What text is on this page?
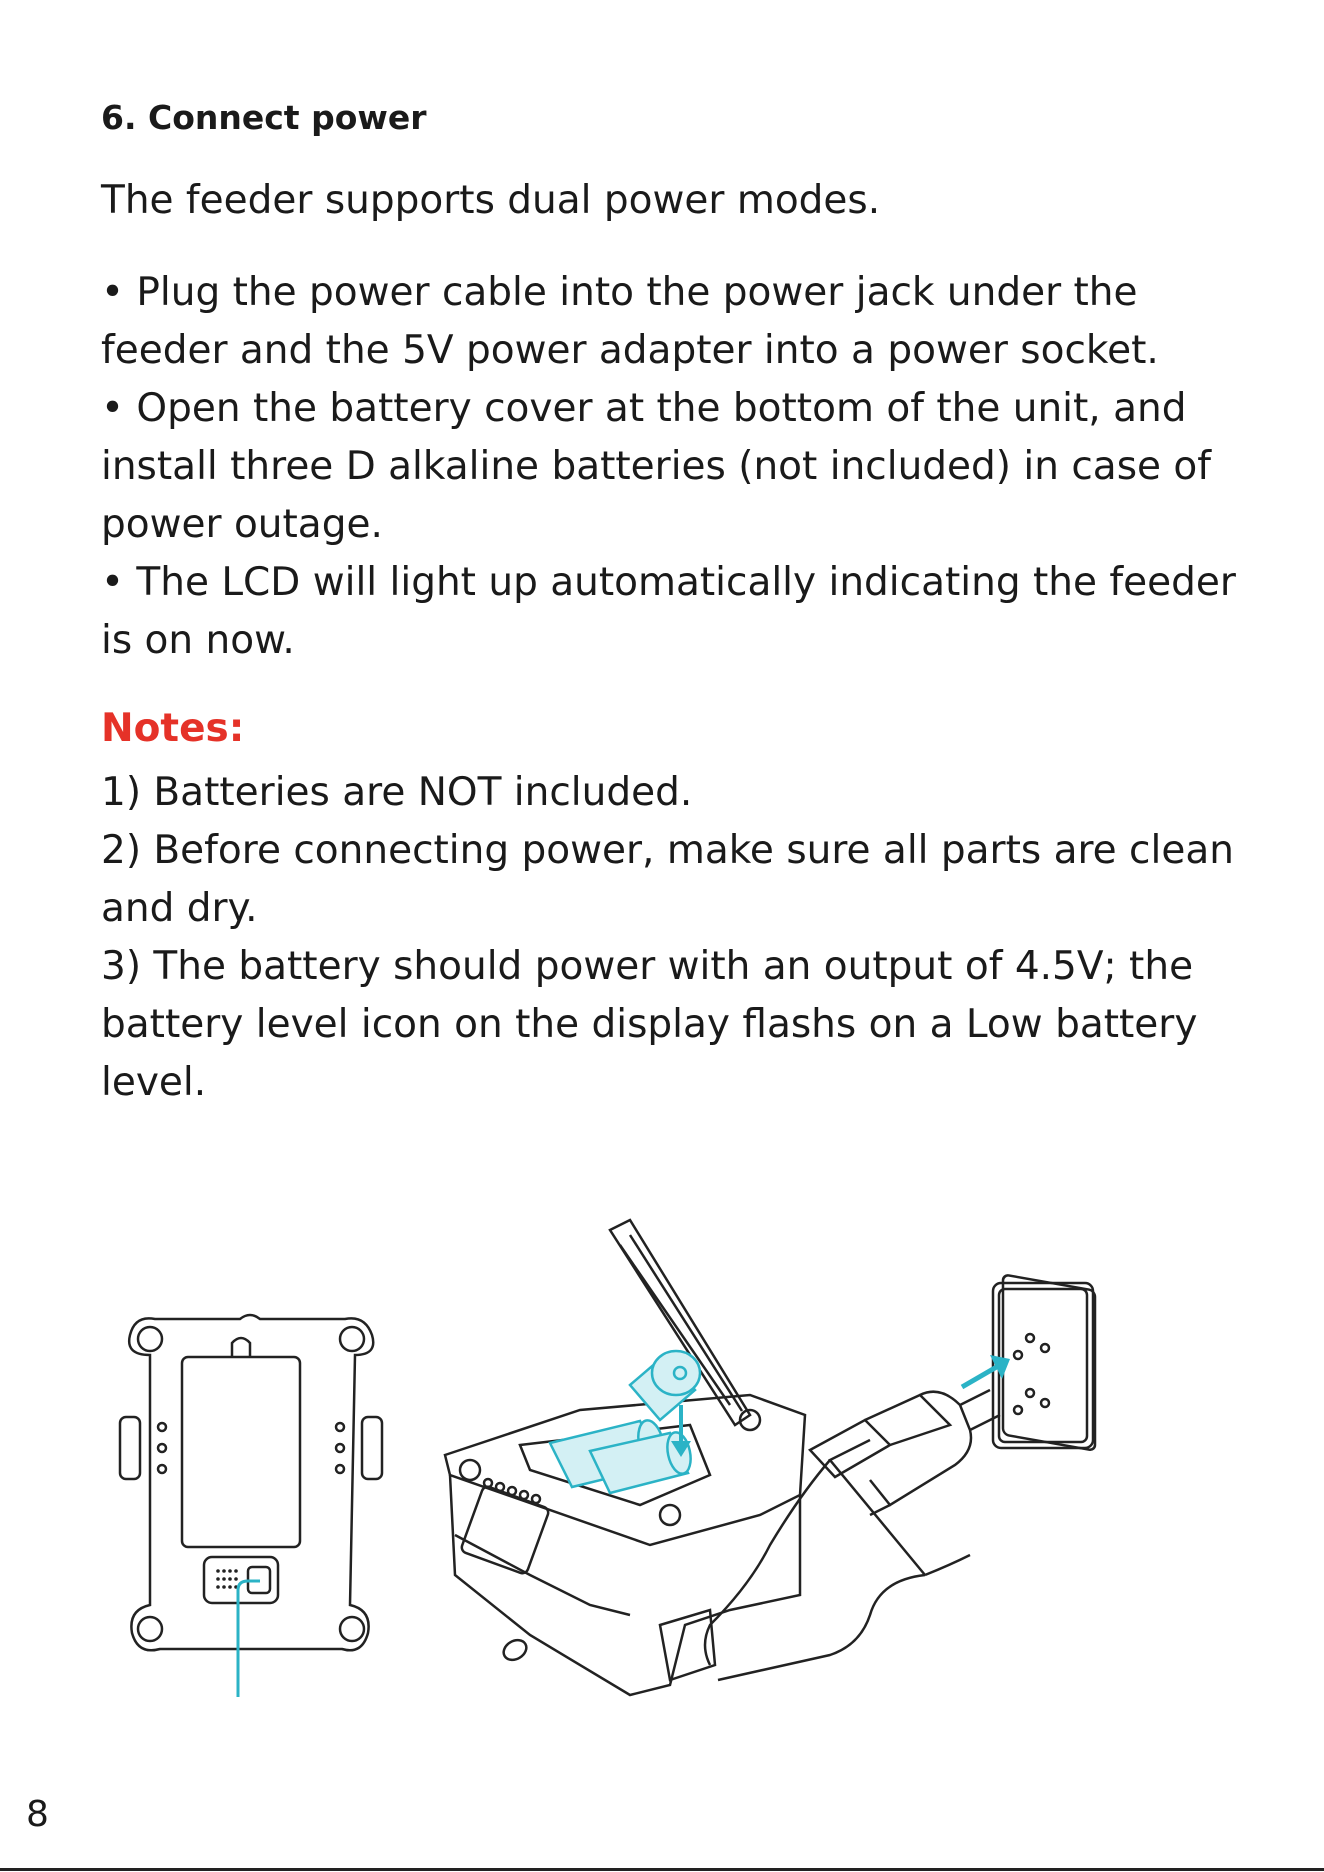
6. Connect power

The feeder supports dual power modes.

• Plug the power cable into the power jack under the feeder and the 5V power adapter into a power socket.
• Open the battery cover at the bottom of the unit, and install three D alkaline batteries (not included) in case of power outage.
• The LCD will light up automatically indicating the feeder is on now.
Notes:
1) Batteries are NOT included.
2) Before connecting power, make sure all parts are clean and dry.
3) The battery should power with an output of 4.5V; the battery level icon on the display flashs on a Low battery level.
8
